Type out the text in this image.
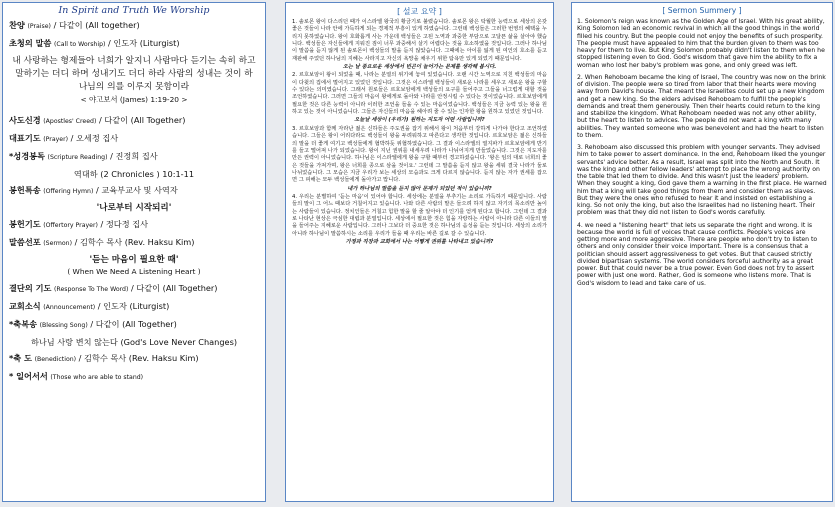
In Spirit and Truth We Worship
찬양 (Praise) / 다같이 (All together)
초청의 말씀 (Call to Worship) / 인도자 (Liturgist)
내 사랑하는 형제들아 너희가 알지니 사람마다 듣기는 속히 하고 말하기는 더디 하며 성내기도 더디 하라 사람의 성내는 것이 하나님의 의를 이루지 못함이라
< 야고보서 (James) 1:19-20 >
사도신경 (Apostles' Creed) / 다같이 (All Together)
대표기도 (Prayer) / 오세정 집사
*성경봉독 (Scripture Reading) / 진정희 집사
역대하 (2 Chronicles ) 10:1-11
봉헌특송 (Offering Hymn) / 교육부교사 및 사역자
'나로부터 시작되리'
봉헌기도 (Offertory Prayer) / 정다정 집사
말씀선포 (Sermon) / 김학수 목사 (Rev. Haksu Kim)
'듣는 마음이 필요한 때'
( When We Need A Listening Heart )
결단의 기도 (Response To The Word) / 다같이 (All Together)
교회소식 (Announcement) / 인도자 (Liturgist)
*축복송 (Blessing Song) / 다같이 (All Together)
하나님 사랑 변치 않는다 (God's Love Never Changes)
*축 도 (Benediction) / 김학수 목사 (Rev. Haksu Kim)
* 일어서서 (Those who are able to stand)
[ 설교 요약 ]

1. 솔로몬 왕이 다스리던 때가 이스라엘 왕국의 황금기로 불렸습니다. 솔로몬 왕은 탁월한 능력으로 세상의 온갖 좋은 것들이 나라 안에 가득하게 되는 경제적 부흥이 있게 하였습니다. 그런데 백성들은 그러한 번영의 혜택을 누리지 못하였습니다. 왕이 호화롭게 사는 가운데 백성들은 고된 노역과 과중한 부담으로 고달픈 삶을 살아야 했습니다. 백성들은 자신들에게 지워진 짐이 너무 과중해서 살기 어렵다는 것을 호소하였을 것입니다. 그러나 하나님이 말씀을 듣지 않게 된 솔로몬이 백성들의 말을 듣지 않았습니다. 그때에는 아이를 잃게 된 여인의 호소를 듣고 재판해 주었던 하나님의 지혜는 사라지고 자신의 욕망을 채우기 위한 탐욕만 있게 되었기 때문입니다.

오는 날 풍요로운 세상에서 빈곤이 늘어가는 문제를 생각해 봅시다.

2. 르호보암이 왕이 되었을 때, 나라는 분열의 위기에 놓여 있었습니다. 오랜 시간 노역으로 지친 백성들의 마음이 다윗의 집에서 멀어지고 있었던 것입니다. 그것은 이스라엘 백성들이 새로운 나라를 세우고 새로운 왕을 구할 수 있다는 의미였습니다. 그래서 원로들은 르호보암에게 백성들의 요구를 들어주고 그들을 너그럽게 대할 것을 조언하였습니다. 그러면 그들의 마음이 왕에게로 돌아와 나라를 안정시킬 수 있다는 것이었습니다. 르호보암에게 필요한 것은 다른 능력이 아니라 이러한 조언을 들을 수 있는 마음이었습니다. 백성들은 지금 능력 있는 왕을 원하고 있는 것이 아니었습니다. 그들은 자신들의 마음을 헤아려 줄 수 있는 인자한 왕을 원하고 있었던 것입니다.

오늘날 세상이 (우리가) 원하는 지도자 어떤 사람입니까?

3. 르호보암과 함께 자라난 젊은 신하들은 주도권을 잡기 위해서 왕이 처음부터 강하게 나가야 한다고 조언하였습니다. 그들은 왕이 어리다라도 백성들이 왕을 두려워하고 따른다고 생각한 것입니다. 르호보암은 젊은 신하들의 말을 더 좋게 여기고 백성들에게 협박하듯 위협하였습니다. 그 결과 이스라엘의 열지파가 르호보암에게 반기를 들고 떨어져 나가 되었습니다. 왕이 지닌 권위를 내세우려 나라가 나뉘어지게 만들었습니다. 그것은 지도자를 만든 권력이 아니었습니다. 하나님은 이스라엘에게 왕을 구할 때부터 경고하셨습니다. '왕은 임의 대로 너희의 좋은 것들을 가져가며, 왕은 너희를 종으로 삼을 것이요.' 그런데 그 말씀을 듣지 않고 왕을 세워 결국 나라가 둘로 나뉘었습니다. 그 모습은 지금 우리가 보는 세상의 모습과도 크게 다르지 않습니다. 듣지 않는 자가 권세를 잡으면 그 피해는 모두 백성들에게 돌아가고 맙니다.

내가 하나님의 말씀을 듣지 않아 문제가 되었던 적이 있습니까?

4. 우리는 분별하여 '듣는 마음'이 있어야 합니다. 세상에는 분열을 부추기는 소리로 가득하기 때문입니다. 사람들의 말이 그 어느 때보다 거칠어지고 있습니다. 나와 다른 사람의 말은 들으려 하지 않고 자기의 목소리만 높이는 사람들이 있습니다. 정치인들은 거칠고 힘한 말을 할 줄 알아야 더 인기를 얻게 된다고 합니다. 그런데 그 결과로 나타난 현상은 극심한 대립과 분열입니다. 세상에서 필요한 것은 힘을 자랑하는 사람이 아니라 다른 이들의 말을 들어주는 지혜로운 사람입니다. 그러나 그보다 더 중요한 것은 하나님의 음성을 듣는 것입니다. 세상의 소리가 아니라 하나님이 말씀하시는 소리를 우리가 들을 때 우리는 바른 길로 갈 수 있습니다.

가정과 직장과 교회에서 나는 어떻게 권위를 나타내고 있습니까?

[ Sermon Summery ]

1. Solomon's reign was known as the Golden Age of Israel. With his great ability, King Solomon led an economic revival in which all the good things in the world filled his country. But the people could not enjoy the benefits of such prosperity. The people must have appealed to him that the burden given to them was too heavy for them to live. But King Solomon probably didn't listen to them when he stopped listening even to God. God's wisdom that gave him the ability to fix a woman who lost her baby's problem was gone, and only greed was left.

2. When Rehoboam became the king of Israel, The country was now on the brink of division. The people were so tired from labor that their hearts were moving away from David's house. That meant the Israelites could set up a new kingdom and get a new king. So the elders advised Rehoboam to fulfill the people's demands and treat them generously. Then their hearts could return to the king and stabilize the kingdom. What Rehoboam needed was not any other ability, but the heart to listen to advices. The people did not want a king with many abilities. They wanted someone who was benevolent and had the heart to listen to them.

3. Rehoboam also discussed this problem with younger servants. They advised him to take power to assert dominance. In the end, Rehoboam liked the younger servants' advice better. As a result, Israel was split into the North and South. It was the king and other fellow leaders' attempt to place the wrong authority on the table that led them to divide. And this wasn't just the leaders' problem. When they sought a king, God gave them a warning in the first place. He warned him that a king will take good things from them and consider them as slaves. But they were the ones who refused to hear it and insisted on establishing a king. So not only the king, but also the Israelites had no listening heart. Their problem was that they did not listen to God's words carefully.

4. we need a "listening heart" that lets us separate the right and wrong. It is because the world is full of voices that cause conflicts. People's voices are getting more and more aggressive. There are people who don't try to listen to others and only consider their voice important. There is a consensus that a politician should assert aggressiveness to get votes. But that caused strictly divided bipartisan systems. The world considers forceful authority as a great power. But that could never be a true power. Even God does not try to assert power with just one word. Rather, God is someone who listens more. That is God's wisdom to lead and take care of us.
